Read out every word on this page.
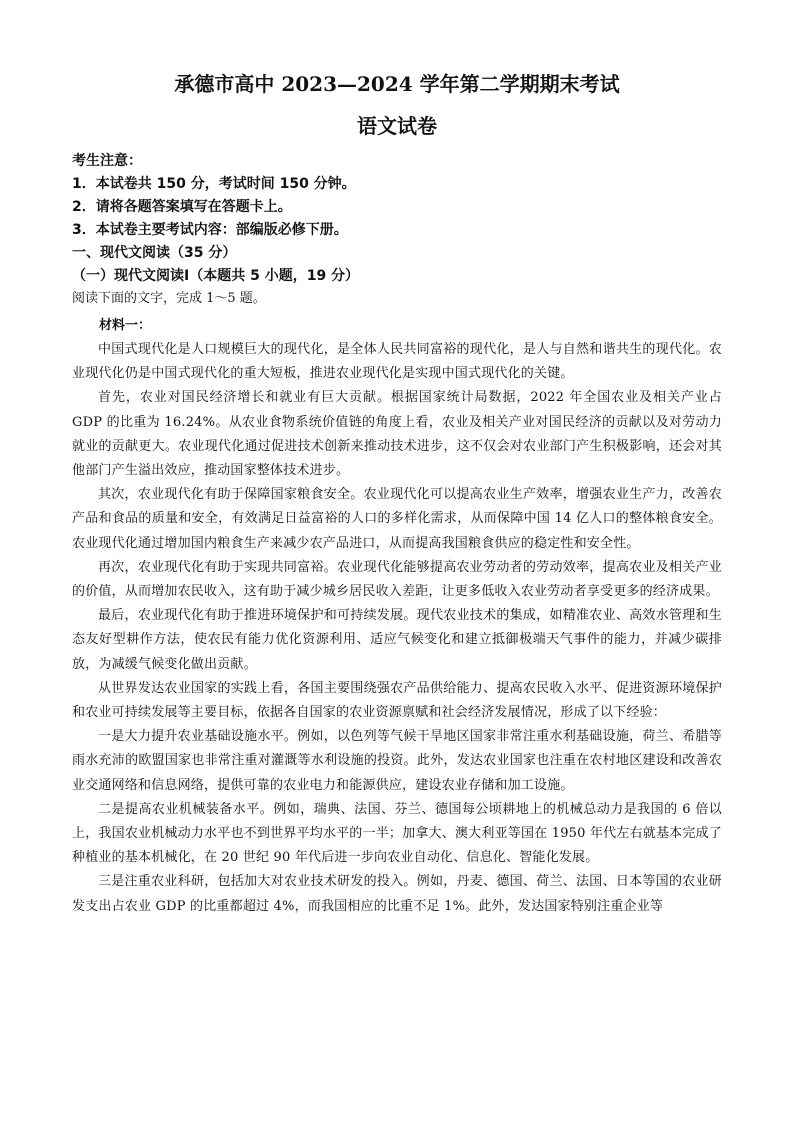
承德市高中 2023—2024 学年第二学期期末考试
语文试卷

考生注意：

1．本试卷共 150 分，考试时间 150 分钟。

2．请将各题答案填写在答题卡上。

3．本试卷主要考试内容：部编版必修下册。

一、现代文阅读（35 分）

（一）现代文阅读Ⅰ（本题共 5 小题，19 分）

阅读下面的文字，完成 1～5 题。

材料一：

中国式现代化是人口规模巨大的现代化，是全体人民共同富裕的现代化，是人与自然和谐共生的现代化。农业现代化仍是中国式现代化的重大短板，推进农业现代化是实现中国式现代化的关键。

首先，农业对国民经济增长和就业有巨大贡献。根据国家统计局数据，2022 年全国农业及相关产业占 GDP 的比重为 16.24%。从农业食物系统价值链的角度上看，农业及相关产业对国民经济的贡献以及对劳动力就业的贡献更大。农业现代化通过促进技术创新来推动技术进步，这不仅会对农业部门产生积极影响，还会对其他部门产生溢出效应，推动国家整体技术进步。

其次，农业现代化有助于保障国家粮食安全。农业现代化可以提高农业生产效率，增强农业生产力，改善农产品和食品的质量和安全，有效满足日益富裕的人口的多样化需求，从而保障中国 14 亿人口的整体粮食安全。农业现代化通过增加国内粮食生产来减少农产品进口，从而提高我国粮食供应的稳定性和安全性。

再次，农业现代化有助于实现共同富裕。农业现代化能够提高农业劳动者的劳动效率，提高农业及相关产业的价值，从而增加农民收入，这有助于减少城乡居民收入差距，让更多低收入农业劳动者享受更多的经济成果。

最后，农业现代化有助于推进环境保护和可持续发展。现代农业技术的集成，如精准农业、高效水管理和生态友好型耕作方法，使农民有能力优化资源利用、适应气候变化和建立抵御极端天气事件的能力，并减少碳排放，为减缓气候变化做出贡献。

从世界发达农业国家的实践上看，各国主要围绕强农产品供给能力、提高农民收入水平、促进资源环境保护和农业可持续发展等主要目标，依据各自国家的农业资源禀赋和社会经济发展情况，形成了以下经验：

一是大力提升农业基础设施水平。例如，以色列等气候干旱地区国家非常注重水利基础设施，荷兰、希腊等雨水充沛的欧盟国家也非常注重对灌溉等水利设施的投资。此外，发达农业国家也注重在农村地区建设和改善农业交通网络和信息网络，提供可靠的农业电力和能源供应，建设农业存储和加工设施。

二是提高农业机械装备水平。例如，瑞典、法国、芬兰、德国每公顷耕地上的机械总动力是我国的 6 倍以上，我国农业机械动力水平也不到世界平均水平的一半；加拿大、澳大利亚等国在 1950 年代左右就基本完成了种植业的基本机械化，在 20 世纪 90 年代后进一步向农业自动化、信息化、智能化发展。

三是注重农业科研，包括加大对农业技术研发的投入。例如，丹麦、德国、荷兰、法国、日本等国的农业研发支出占农业 GDP 的比重都超过 4%，而我国相应的比重不足 1%。此外，发达国家特别注重企业等
